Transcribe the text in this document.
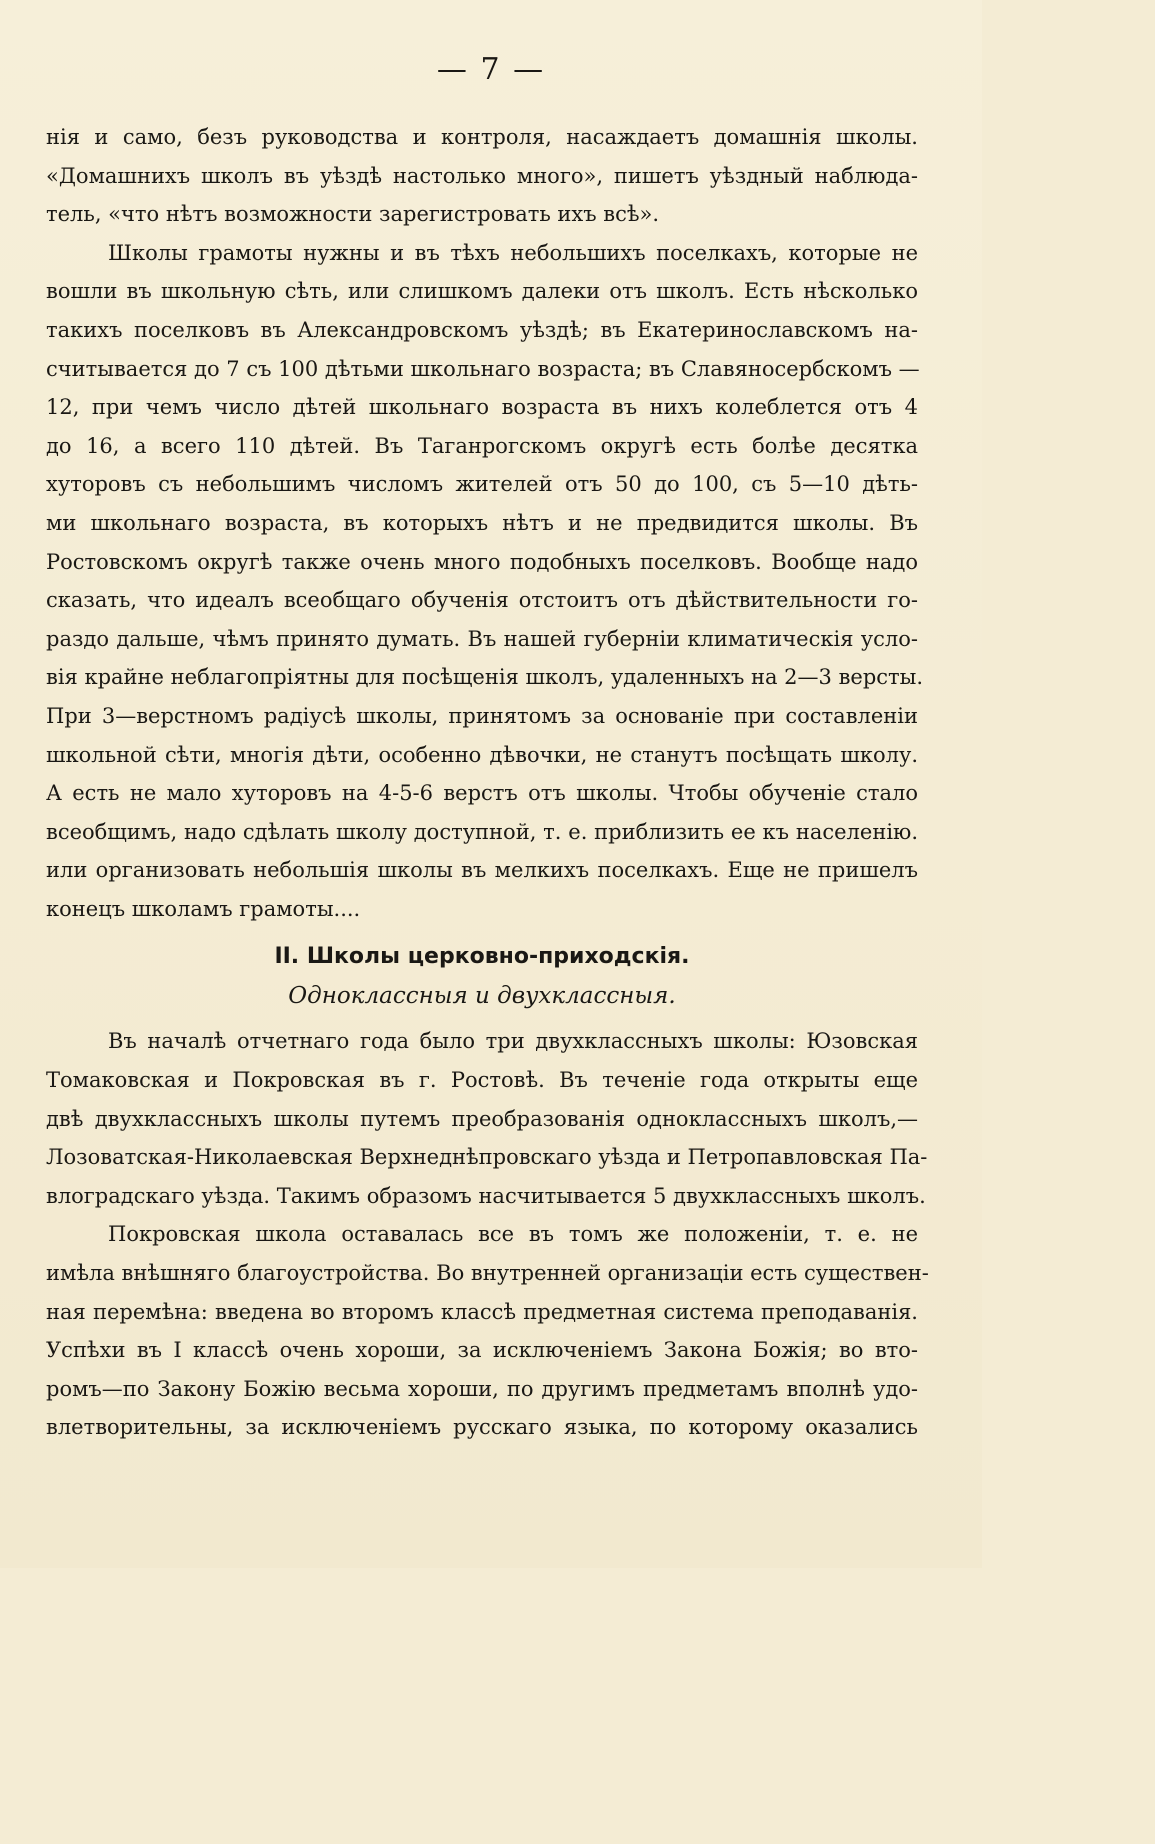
— 7 —
нія и само, безъ руководства и контроля, насаждаетъ домашнія школы.
«Домашнихъ школъ въ уѣздѣ настолько много», пишетъ уѣздный наблюда-
тель, «что нѣтъ возможности зарегистровать ихъ всѣ».
Школы грамоты нужны и въ тѣхъ небольшихъ поселкахъ, которые не
вошли въ школьную сѣть, или слишкомъ далеки отъ школъ. Есть нѣсколько
такихъ поселковъ въ Александровскомъ уѣздѣ; въ Екатеринославскомъ на-
считывается до 7 съ 100 дѣтьми школьнаго возраста; въ Славяносербскомъ —
12, при чемъ число дѣтей школьнаго возраста въ нихъ колеблется отъ 4
до 16, а всего 110 дѣтей. Въ Таганрогскомъ округѣ есть болѣе десятка
хуторовъ съ небольшимъ числомъ жителей отъ 50 до 100, съ 5—10 дѣть-
ми школьнаго возраста, въ которыхъ нѣтъ и не предвидится школы. Въ
Ростовскомъ округѣ также очень много подобныхъ поселковъ. Вообще надо
сказать, что идеалъ всеобщаго обученія отстоитъ отъ дѣйствительности го-
раздо дальше, чѣмъ принято думать. Въ нашей губерніи климатическія усло-
вія крайне неблагопріятны для посѣщенія школъ, удаленныхъ на 2—3 версты.
При 3—верстномъ радіусѣ школы, принятомъ за основаніе при составленіи
школьной сѣти, многія дѣти, особенно дѣвочки, не станутъ посѣщать школу.
А есть не мало хуторовъ на 4-5-6 верстъ отъ школы. Чтобы обученіе стало
всеобщимъ, надо сдѣлать школу доступной, т. е. приблизить ее къ населенію.
или организовать небольшія школы въ мелкихъ поселкахъ. Еще не пришелъ
конецъ школамъ грамоты....
II. Школы церковно-приходскія.
Одноклассныя и двухклассныя.
Въ началѣ отчетнаго года было три двухклассныхъ школы: Юзовская
Томаковская и Покровская въ г. Ростовѣ. Въ теченіе года открыты еще
двѣ двухклассныхъ школы путемъ преобразованія одноклассныхъ школъ,—
Лозоватская-Николаевская Верхнеднѣпровскаго уѣзда и Петропавловская Па-
влоградскаго уѣзда. Такимъ образомъ насчитывается 5 двухклассныхъ школъ.
Покровская школа оставалась все въ томъ же положеніи, т. е. не
имѣла внѣшняго благоустройства. Во внутренней организаціи есть существен-
ная перемѣна: введена во второмъ классѣ предметная система преподаванія.
Успѣхи въ I классѣ очень хороши, за исключеніемъ Закона Божія; во вто-
ромъ—по Закону Божію весьма хороши, по другимъ предметамъ вполнѣ удо-
влетворительны, за исключеніемъ русскаго языка, по которому оказались
